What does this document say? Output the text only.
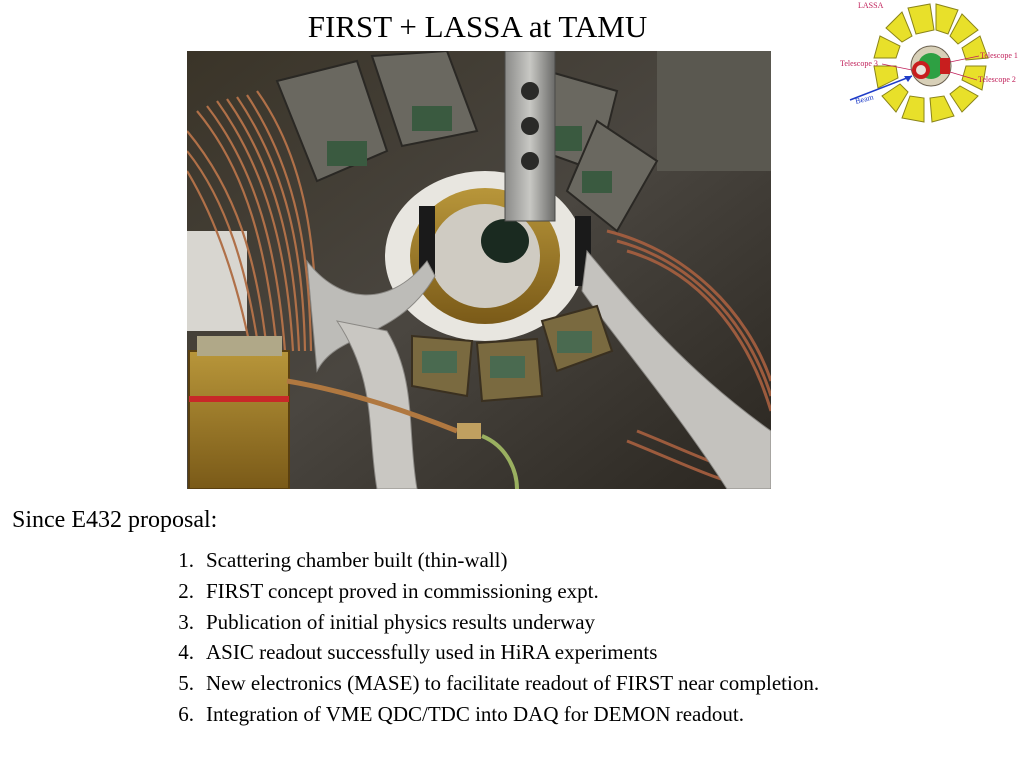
FIRST + LASSA at TAMU
LASSA
Telescope 1
Telescope 2
Telescope 3
Beam

Since E432 proposal:

1. Scattering chamber built (thin-wall)
2. FIRST concept proved in commissioning expt.
3. Publication of initial physics results underway
4. ASIC readout successfully used in HiRA experiments
5. New electronics (MASE) to facilitate readout of FIRST near completion.
6. Integration of VME QDC/TDC into DAQ for DEMON readout.
